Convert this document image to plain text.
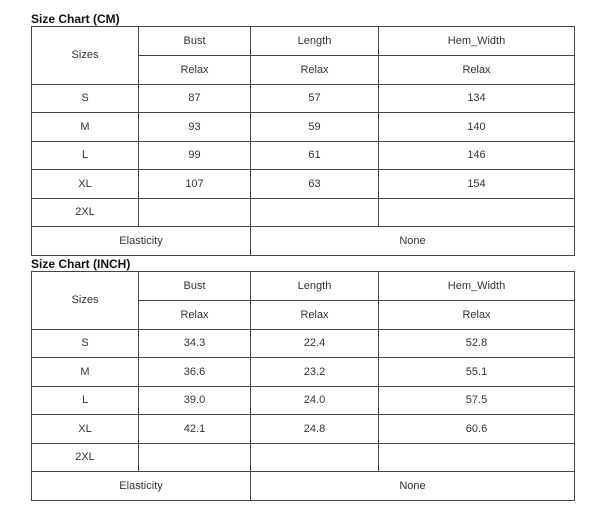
Size Chart (CM)
Sizes	Bust	Length	Hem_Width
	Relax	Relax	Relax
S	87	57	134
M	93	59	140
L	99	61	146
XL	107	63	154
2XL			
Elasticity		None	
Size Chart (INCH)
Sizes	Bust	Length	Hem_Width
	Relax	Relax	Relax
S	34.3	22.4	52.8
M	36.6	23.2	55.1
L	39.0	24.0	57.5
XL	42.1	24.8	60.6
2XL			
Elasticity		None	
